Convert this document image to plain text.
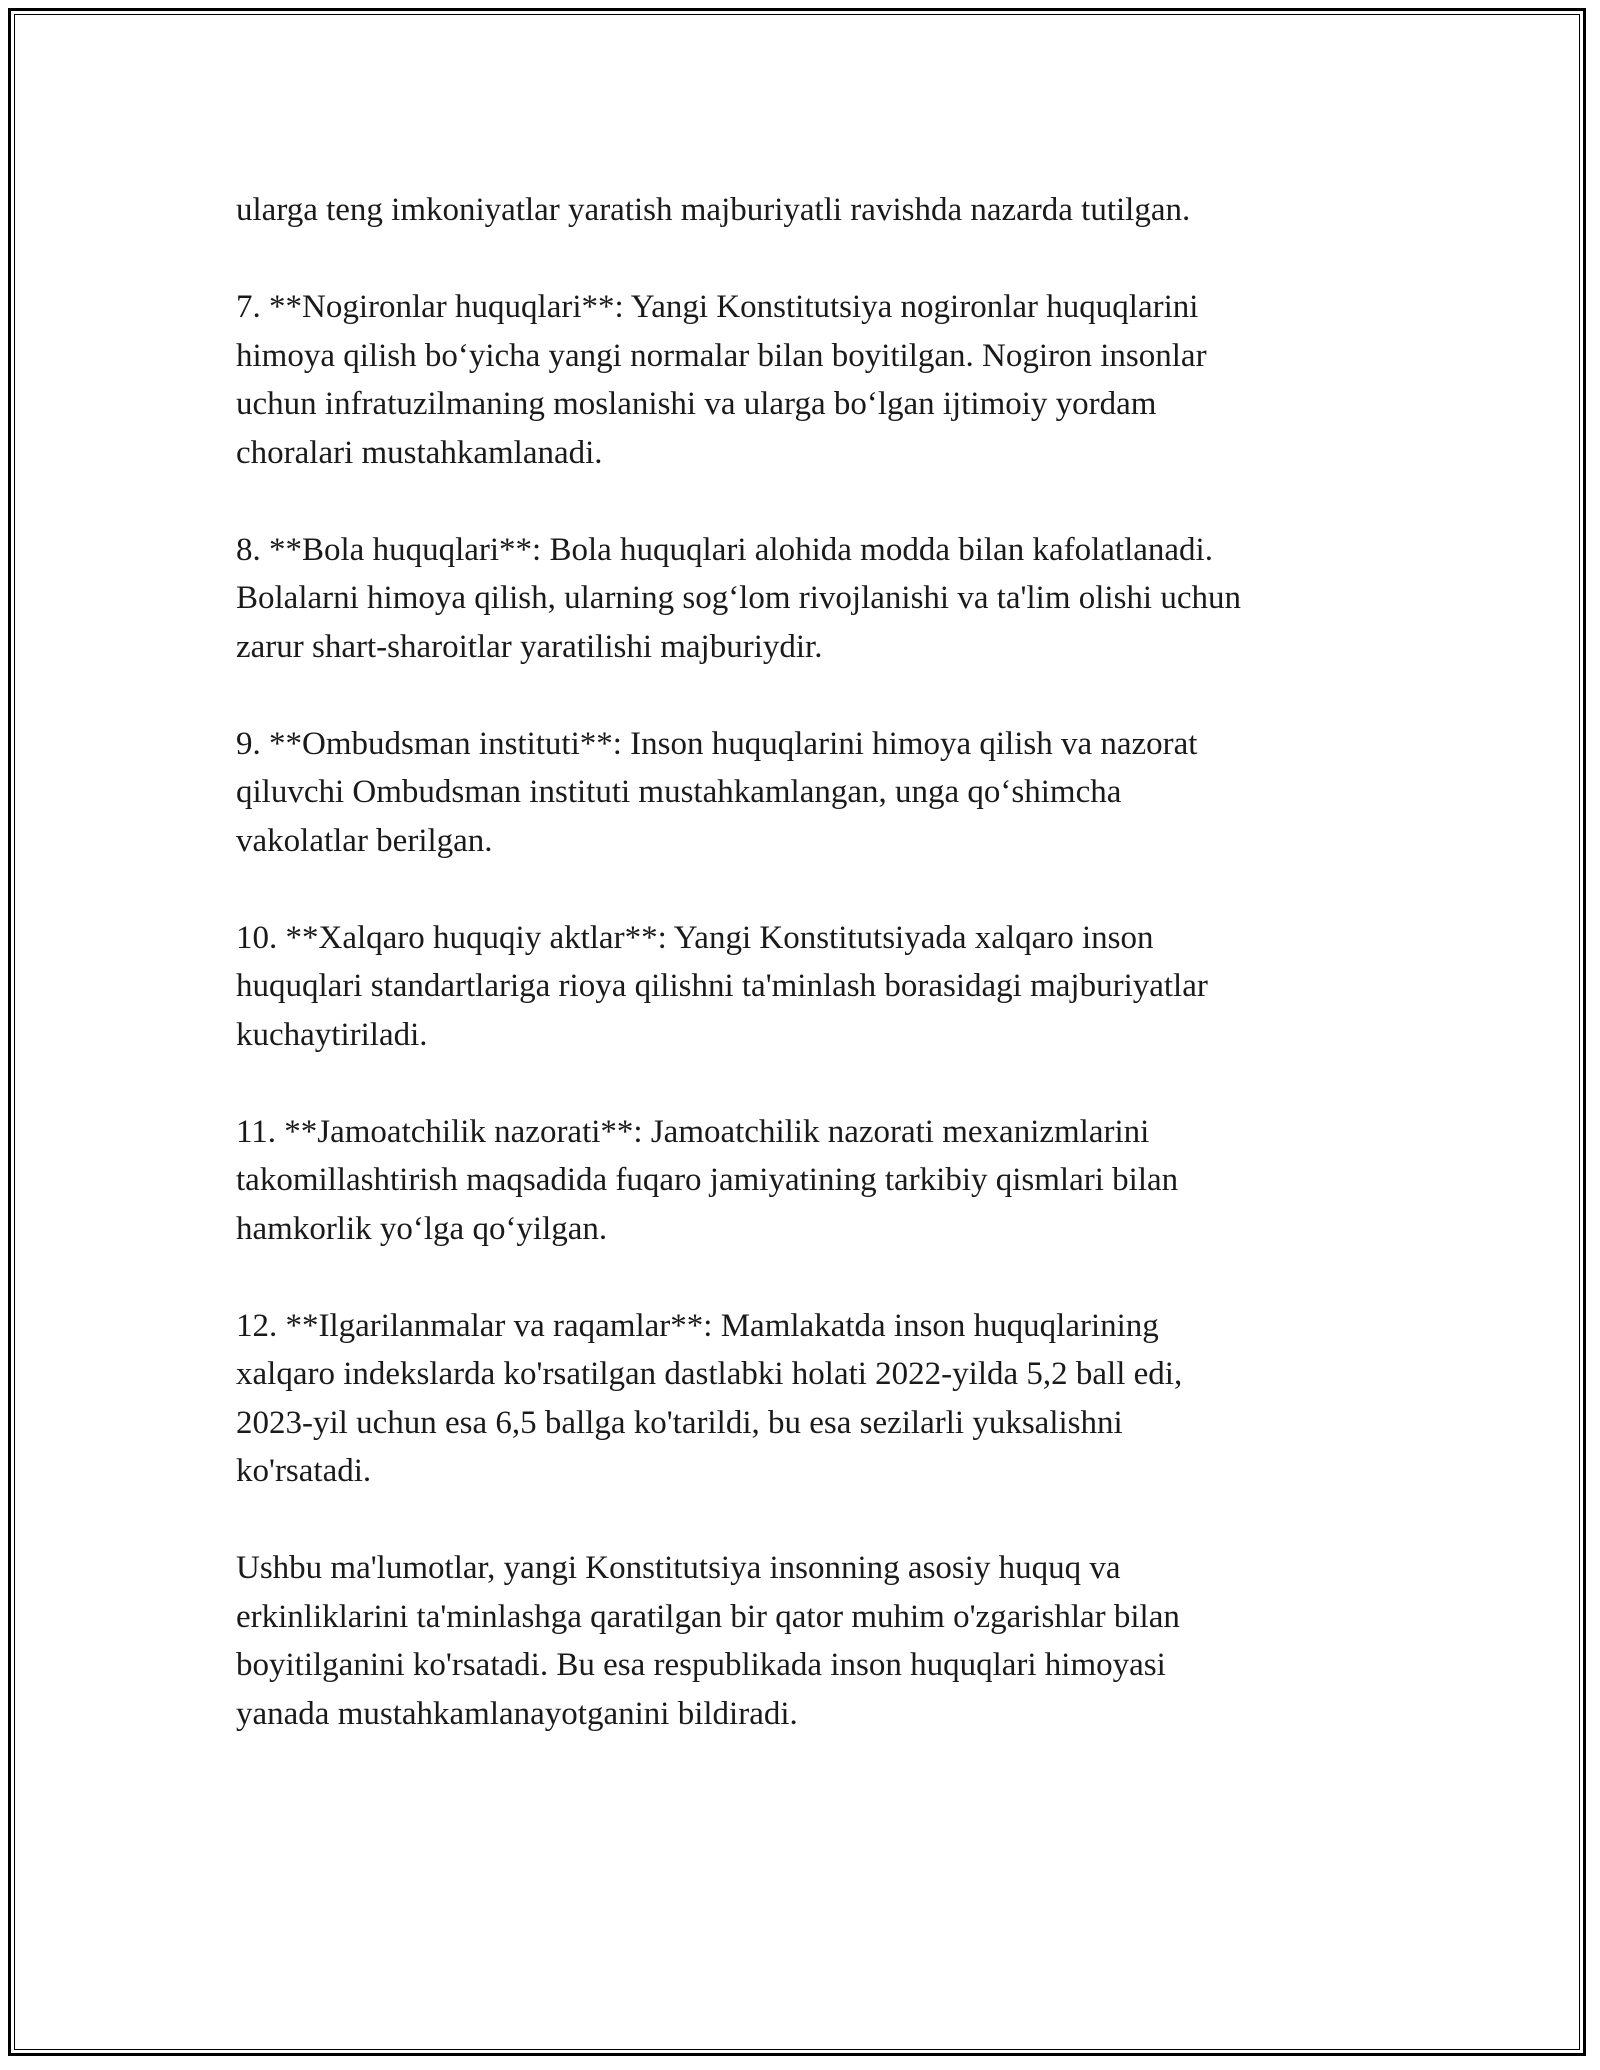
ularga teng imkoniyatlar yaratish majburiyatli ravishda nazarda tutilgan.

7. **Nogironlar huquqlari**: Yangi Konstitutsiya nogironlar huquqlarini
himoya qilish bo‘yicha yangi normalar bilan boyitilgan. Nogiron insonlar
uchun infratuzilmaning moslanishi va ularga bo‘lgan ijtimoiy yordam
choralari mustahkamlanadi.

8. **Bola huquqlari**: Bola huquqlari alohida modda bilan kafolatlanadi.
Bolalarni himoya qilish, ularning sog‘lom rivojlanishi va ta'lim olishi uchun
zarur shart-sharoitlar yaratilishi majburiydir.

9. **Ombudsman instituti**: Inson huquqlarini himoya qilish va nazorat
qiluvchi Ombudsman instituti mustahkamlangan, unga qo‘shimcha
vakolatlar berilgan.

10. **Xalqaro huquqiy aktlar**: Yangi Konstitutsiyada xalqaro inson
huquqlari standartlariga rioya qilishni ta'minlash borasidagi majburiyatlar
kuchaytiriladi.

11. **Jamoatchilik nazorati**: Jamoatchilik nazorati mexanizmlarini
takomillashtirish maqsadida fuqaro jamiyatining tarkibiy qismlari bilan
hamkorlik yo‘lga qo‘yilgan.

12. **Ilgarilanmalar va raqamlar**: Mamlakatda inson huquqlarining
xalqaro indekslarda ko'rsatilgan dastlabki holati 2022-yilda 5,2 ball edi,
2023-yil uchun esa 6,5 ballga ko'tarildi, bu esa sezilarli yuksalishni
ko'rsatadi.

Ushbu ma'lumotlar, yangi Konstitutsiya insonning asosiy huquq va
erkinliklarini ta'minlashga qaratilgan bir qator muhim o'zgarishlar bilan
boyitilganini ko'rsatadi. Bu esa respublikada inson huquqlari himoyasi
yanada mustahkamlanayotganini bildiradi.
